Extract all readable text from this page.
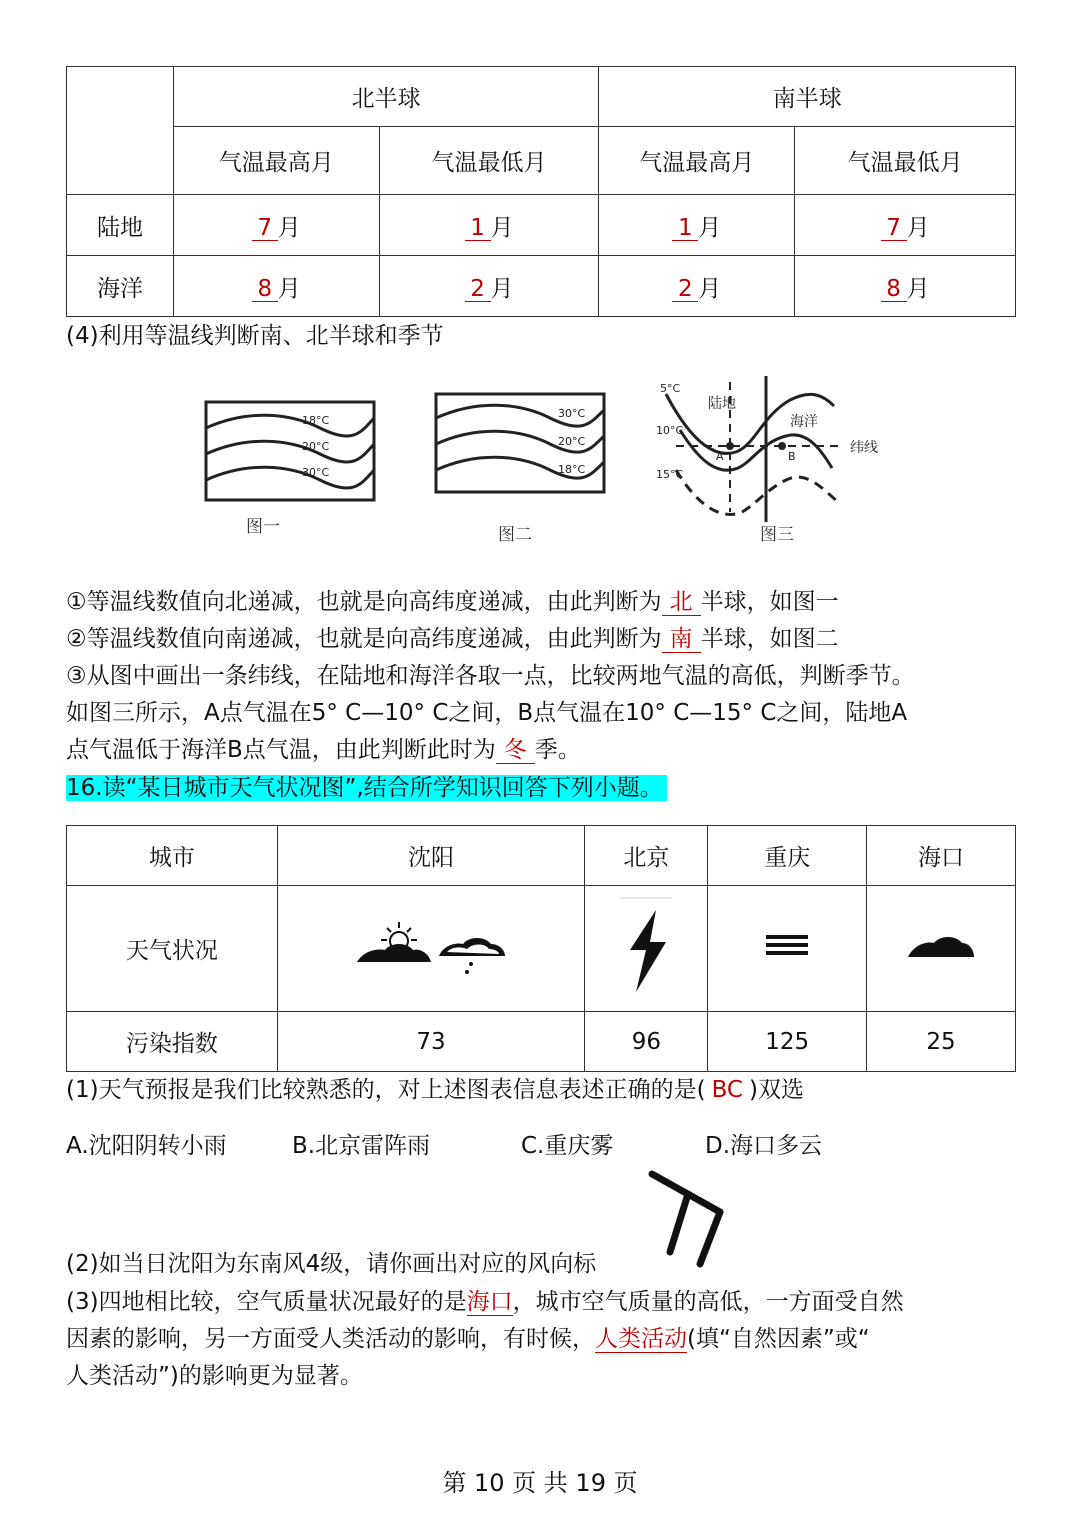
	北半球		南半球	
	气温最高月	气温最低月	气温最高月	气温最低月
陆地	7 月	1 月	1 月	7 月
海洋	8 月	2 月	2 月	8 月
(4)利用等温线判断南、北半球和季节
18°C
20°C
30°C
30°C
20°C
18°C
图一	图二	图三
5°C
10°C
15°C
A	B
陆地
海洋
纬线
①等温线数值向北递减，也就是向高纬度递减，由此判断为 北 半球，如图一
②等温线数值向南递减，也就是向高纬度递减，由此判断为 南 半球，如图二
③从图中画出一条纬线，在陆地和海洋各取一点，比较两地气温的高低，判断季节。
如图三所示，A点气温在5° C—10° C之间，B点气温在10° C—15° C之间，陆地A
点气温低于海洋B点气温，由此判断此时为 冬 季。
16.读“某日城市天气状况图”,结合所学知识回答下列小题。
城市	沈阳	北京	重庆	海口
天气状况				
污染指数	73	96	125	25
(1)天气预报是我们比较熟悉的，对上述图表信息表述正确的是( BC )双选
A.沈阳阴转小雨	B.北京雷阵雨	C.重庆雾	D.海口多云
(2)如当日沈阳为东南风4级，请你画出对应的风向标
(3)四地相比较，空气质量状况最好的是海口，城市空气质量的高低，一方面受自然
因素的影响，另一方面受人类活动的影响，有时候，人类活动(填“自然因素”或“
人类活动”)的影响更为显著。
第 10 页 共 19 页
